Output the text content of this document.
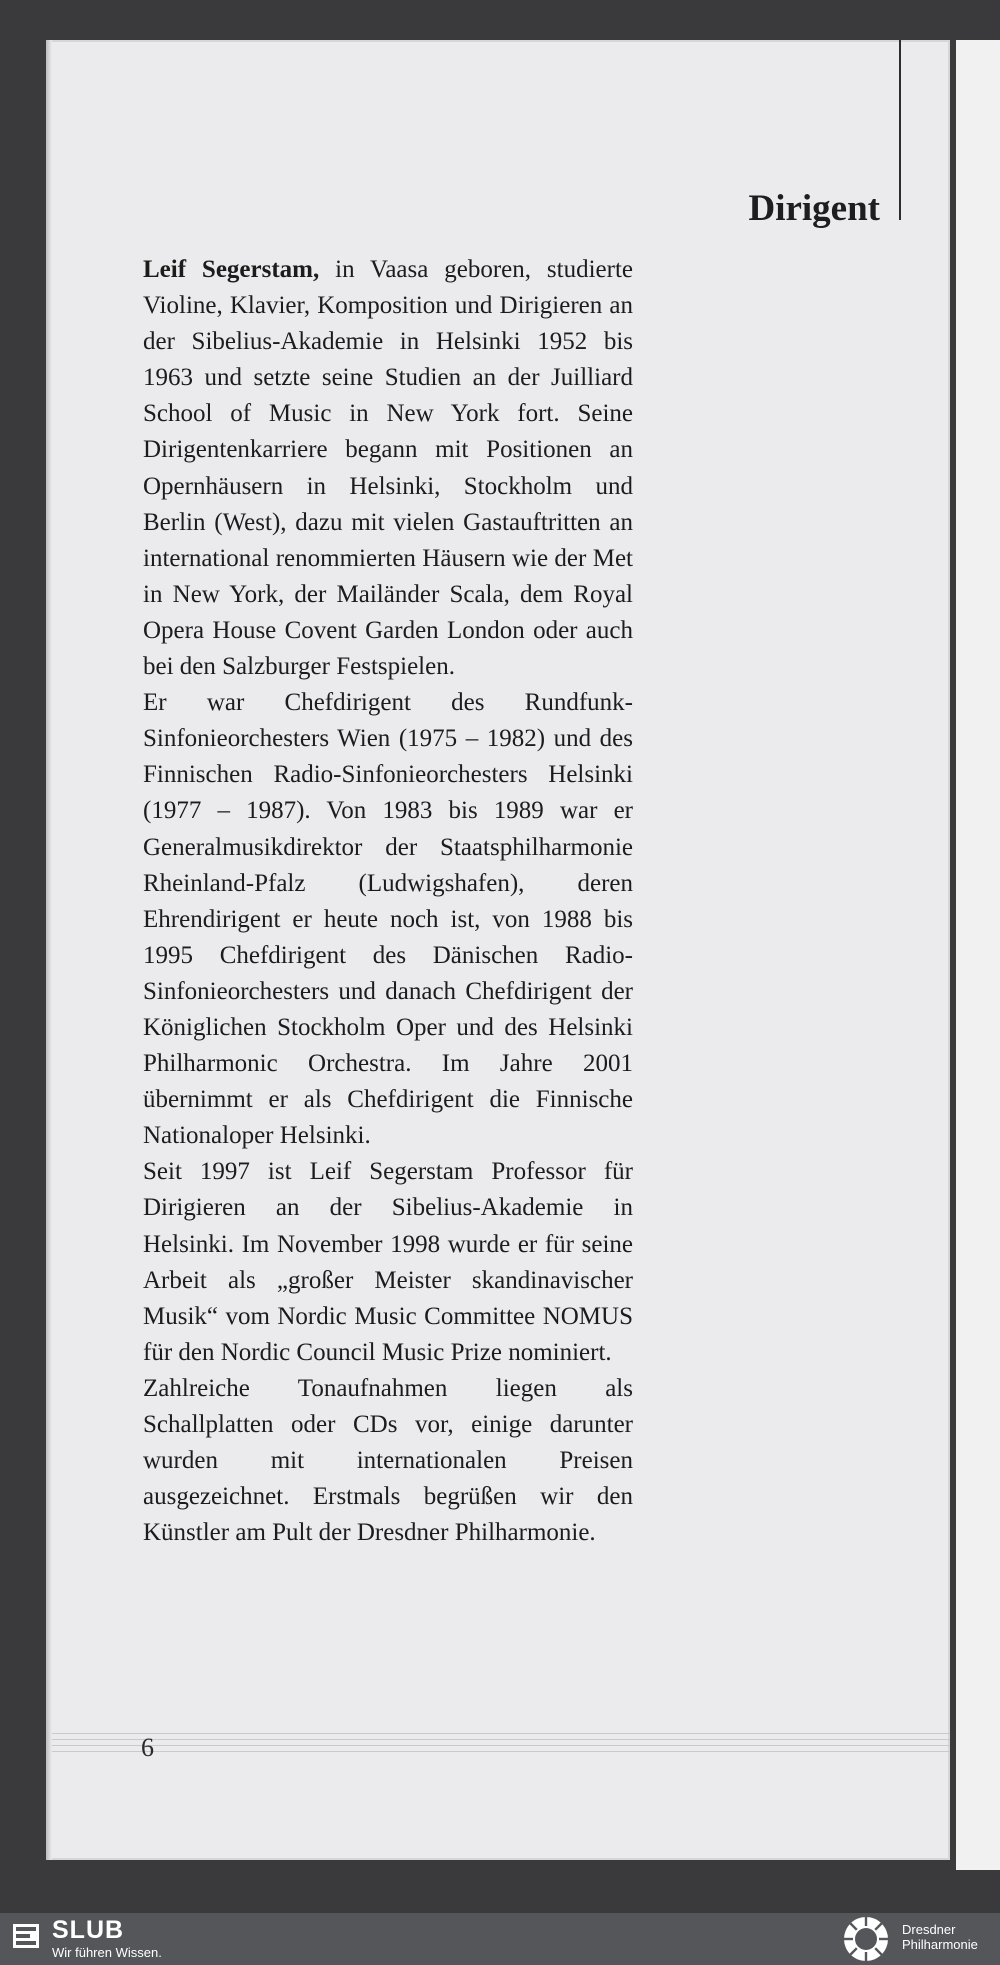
Dirigent

Leif Segerstam, in Vaasa geboren, studierte Violine, Klavier, Komposition und Dirigieren an der Sibelius-Akademie in Helsinki 1952 bis 1963 und setzte seine Studien an der Juilliard School of Music in New York fort. Seine Dirigentenkarriere begann mit Positionen an Opernhäusern in Helsinki, Stockholm und Berlin (West), dazu mit vielen Gastauftritten an international renommierten Häusern wie der Met in New York, der Mailänder Scala, dem Royal Opera House Covent Garden London oder auch bei den Salzburger Festspielen.

Er war Chefdirigent des Rundfunk-Sinfonieorchesters Wien (1975 – 1982) und des Finnischen Radio-Sinfonieorchesters Helsinki (1977 – 1987). Von 1983 bis 1989 war er Generalmusikdirektor der Staatsphilharmonie Rheinland-Pfalz (Ludwigshafen), deren Ehrendirigent er heute noch ist, von 1988 bis 1995 Chefdirigent des Dänischen Radio-Sinfonieorchesters und danach Chefdirigent der Königlichen Stockholm Oper und des Helsinki Philharmonic Orchestra. Im Jahre 2001 übernimmt er als Chefdirigent die Finnische Nationaloper Helsinki.

Seit 1997 ist Leif Segerstam Professor für Dirigieren an der Sibelius-Akademie in Helsinki. Im November 1998 wurde er für seine Arbeit als „großer Meister skandinavischer Musik“ vom Nordic Music Committee NOMUS für den Nordic Council Music Prize nominiert.

Zahlreiche Tonaufnahmen liegen als Schallplatten oder CDs vor, einige darunter wurden mit internationalen Preisen ausgezeichnet. Erstmals begrüßen wir den Künstler am Pult der Dresdner Philharmonie.

6
SLUB
Wir führen Wissen.
Dresdner
Philharmonie
